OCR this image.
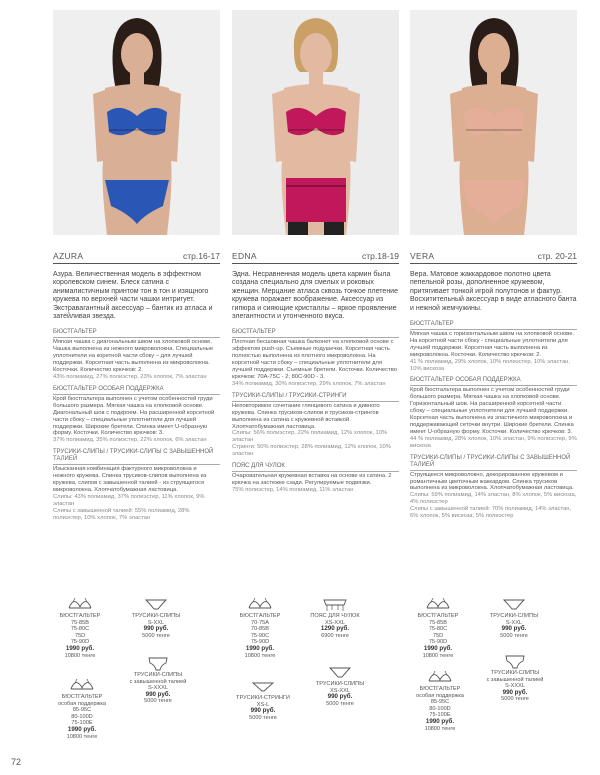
AZURA	стр.16-17
Азура. Величественная модель в эффектном королевском синем. Блеск сатина с анималистичным принтом тон в тон и изящного кружева по верхней части чашки интригует. Экстравагантный аксессуар – бантик из атласа и затейливая звезда.
БЮСТГАЛЬТЕР
Мягкая чашка с диагональным швом на хлопковой основе. Чашка выполнена из нежного микроволокна. Специальные уплотнители на коретной части сбоку – для лучшей поддержки. Корсетная часть выполнена из микроволокна. Косточки. Количество крючков: 2.
43% полиамид, 27% полиэстер, 23% хлопок, 7% эластан
БЮСТГАЛЬТЕР ОСОБАЯ ПОДДЕРЖКА
Крой бюстгальтера выполнен с учетом особенностей груди большого размера. Мягкая чашка на хлопковой основе. Диагональный шов с подкроем. На расширенной корсетной части сбоку – специальные уплотнители для лучшей поддержки. Широкие бретели. Спинка имеет U-образную форму. Косточки. Количество крючков: 3.
37% полиамид, 35% полиэстер, 22% хлопок, 6% эластан
ТРУСИКИ-СЛИПЫ / ТРУСИКИ-СЛИПЫ С ЗАВЫШЕННОЙ ТАЛИЕЙ
Изысканная комбинация фактурного микроволокна и нежного кружева. Спинка трусиков-слипов выполнена из кружева, слипов с завышенной талией - из струящегося микроволокна. Хлопчатобумажная ластовица.
Слипы: 43% полиамид, 37% полиэстер, 11% хлопок, 9% эластан
Слипы с завышенной талией: 55% полиамид, 28% полиэстер, 10% хлопок, 7% эластан
EDNA	стр.18-19
Эдна. Несравненная модель цвета кармин была создана специально для смелых и роковых женщин. Мерцание атласа сквозь тонкое плетение кружева поражает воображение. Аксессуар из гипюра и сияющие кристаллы – яркое проявление элегантности и утонченного вкуса.
БЮСТГАЛЬТЕР
Плотная бесшовная чашка балконет на хлопковой основе с эффектом push-up. Съемные подушечки. Корсетная часть полностью выполнена из плотного микроволокна. На корсетной части сбоку – специальные уплотнители для лучшей поддержки. Съемные бретели. Косточки. Количество крючков: 70A-75C - 2; 80C-90D - 3.
34% полиамид, 30% полиэстер, 29% хлопок, 7% эластан
ТРУСИКИ-СЛИПЫ / ТРУСИКИ-СТРИНГИ
Неповторимое сочетание глянцевого сатина и дивного кружева. Спинка трусиков-слипов и трусиков-стрингов выполнена из сатина с кружевной вставкой. Хлопчатобумажная ластовица.
Слипы: 56% полиэстер, 22% полиамид, 12% хлопок, 10% эластан
Стринги: 50% полиэстер, 28% полиамид, 12% хлопок, 10% эластан
ПОЯС ДЛЯ ЧУЛОК
Очаровательная кружевная вставка на основе из сатина. 2 крючка на застежке сзади. Регулируемые подвязки.
75% полиэстер, 14% полиамид, 11% эластан
VERA	стр. 20-21
Вера. Матовое жаккардовое полотно цвета пепельной розы, дополненное кружевом, притягивает тонкой игрой полутонов и фактур. Восхитительный аксессуар в виде атласного банта и нежной жемчужины.
БЮСТГАЛЬТЕР
Мягкая чашка с горизонтальным швом на хлопковой основе. На корсетной части сбоку - специальные уплотнители для лучшей поддержки. Корсетная часть выполнена из микроволокна. Косточки. Количество крючков: 2.
41 % полиамид, 29% хлопок, 10% полиэстер, 10% эластан, 10% вискоза
БЮСТГАЛЬТЕР ОСОБАЯ ПОДДЕРЖКА
Крой бюстгальтера выполнен с учетом особенностей груди большого размера. Мягкая чашка на хлопковой основе. Горизонтальный шов. На расширенной корсетной части сбоку – специальные уплотнители для лучшей поддержки. Корсетная часть выполнена из эластичного микроволокна и поддерживающей сеточки внутри. Широкие бретели. Спинка имеет U-образную форму. Косточки. Количество крючков: 3.
44 % полиамид, 28% хлопок, 10% эластан, 9% полиэстер, 9% вискоза
ТРУСИКИ-СЛИПЫ / ТРУСИКИ-СЛИПЫ С ЗАВЫШЕННОЙ ТАЛИЕЙ
Струящееся микроволокно, декорированное кружевом и романтичным цветочным жаккардом. Спинка трусиков выполнена из микроволокна. Хлопчатобумажная ластовица.
Слипы: 59% полиамид, 14% эластан, 8% хлопок, 5% вискоза, 4% полиэстер
Слипы с завышенной талией: 70% полиамид, 14% эластан, 6% хлопок, 5% вискоза, 5% полиэстер
72
БЮСТГАЛЬТЕР
75-85B
75-80C
75D
75-90D
1990 руб.
10800 тенге
ТРУСИКИ-СЛИПЫ
S-XXL
990 руб.
5000 тенге
ТРУСИКИ-СЛИПЫ
с завышенной талией
S-XXXL
990 руб.
5000 тенге
БЮСТГАЛЬТЕР
особая поддержка
85-95C
80-100D
75-100E
1990 руб.
10800 тенге
БЮСТГАЛЬТЕР
70-75A
70-85B
75-90C
75-90D
1990 руб.
10800 тенге
ПОЯС ДЛЯ ЧУЛОК
XS-XXL
1290 руб.
6900 тенге
ТРУСИКИ-СЛИПЫ
XS-XXL
990 руб.
5000 тенге
ТРУСИКИ-СТРИНГИ
XS-L
990 руб.
5000 тенге
БЮСТГАЛЬТЕР
75-85B
75-80C
75D
75-90D
1990 руб.
10800 тенге
ТРУСИКИ-СЛИПЫ
S-XXL
990 руб.
5000 тенге
ТРУСИКИ-СЛИПЫ
с завышенной талией
S-XXXL
990 руб.
5000 тенге
БЮСТГАЛЬТЕР
особая поддержка
85-95C
80-100D
75-100E
1990 руб.
10800 тенге
